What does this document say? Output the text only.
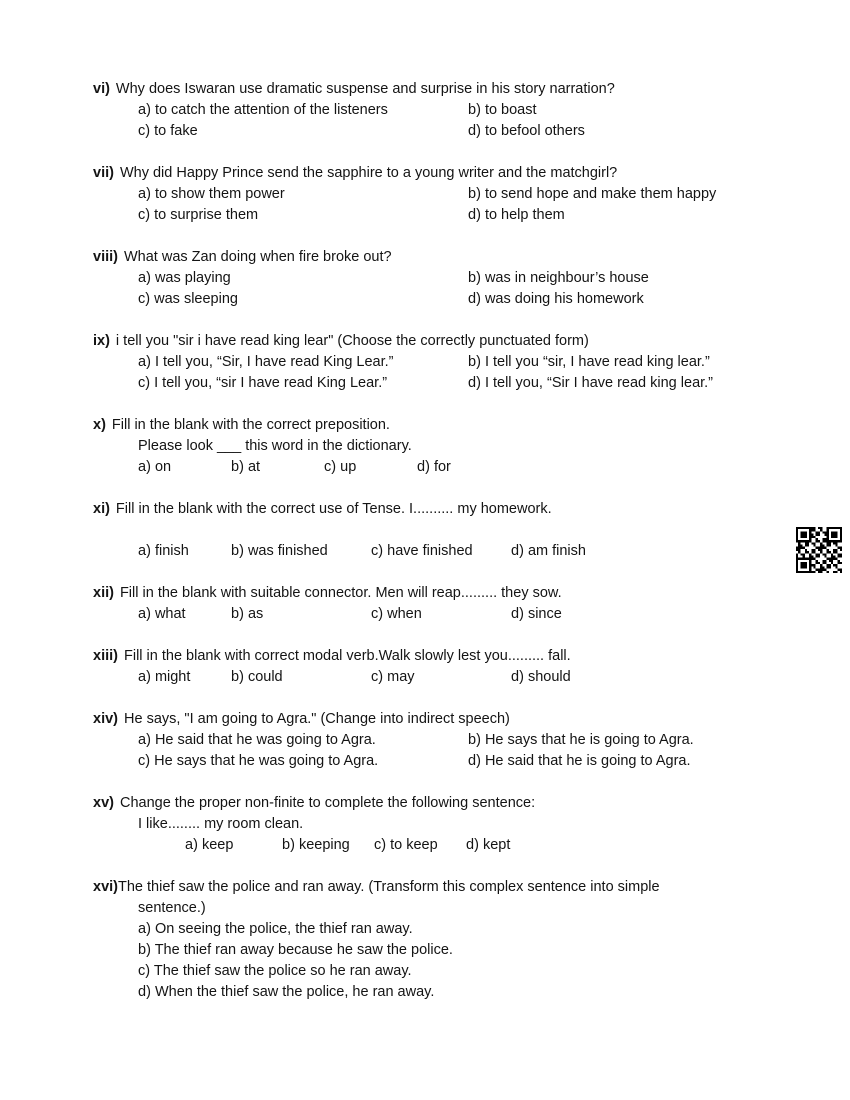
vi) Why does Iswaran use dramatic suspense and surprise in his story narration?
a) to catch the attention of the listeners	b) to boast
c) to fake	d) to befool others
vii) Why did Happy Prince send the sapphire to a young writer and the matchgirl?
a) to show them power	b) to send hope and make them happy
c) to surprise them	d) to help them
viii) What was Zan doing when fire broke out?
a) was playing	b) was in neighbour’s house
c) was sleeping	d) was doing his homework
ix) i tell you "sir i have read king lear" (Choose the correctly punctuated form)
a) I tell you, “Sir, I have read King Lear.”	b) I tell you “sir, I have read king lear.”
c) I tell you, “sir I have read King Lear.”	d) I tell you, “Sir I have read king lear.”
x) Fill in the blank with the correct preposition.
Please look ___ this word in the dictionary.
a) on	b) at	c) up	d) for
xi) Fill in the blank with the correct use of Tense. I.......... my homework.
a) finish	b) was finished	c) have finished	d) am finish
xii) Fill in the blank with suitable connector. Men will reap......... they sow.
a) what	b) as	c) when	d) since
xiii) Fill in the blank with correct modal verb.Walk slowly lest you......... fall.
a) might	b) could	c) may	d) should
xiv) He says, "I am going to Agra." (Change into indirect speech)
a) He said that he was going to Agra.	b) He says that he is going to Agra.
c) He says that he was going to Agra.	d) He said that he is going to Agra.
xv) Change the proper non-finite to complete the following sentence:
I like........ my room clean.
a) keep	b) keeping c) to keep d) kept
xvi)The thief saw the police and ran away. (Transform this complex sentence into simple
sentence.)
a) On seeing the police, the thief ran away.
b) The thief ran away because he saw the police.
c) The thief saw the police so he ran away.
d) When the thief saw the police, he ran away.
